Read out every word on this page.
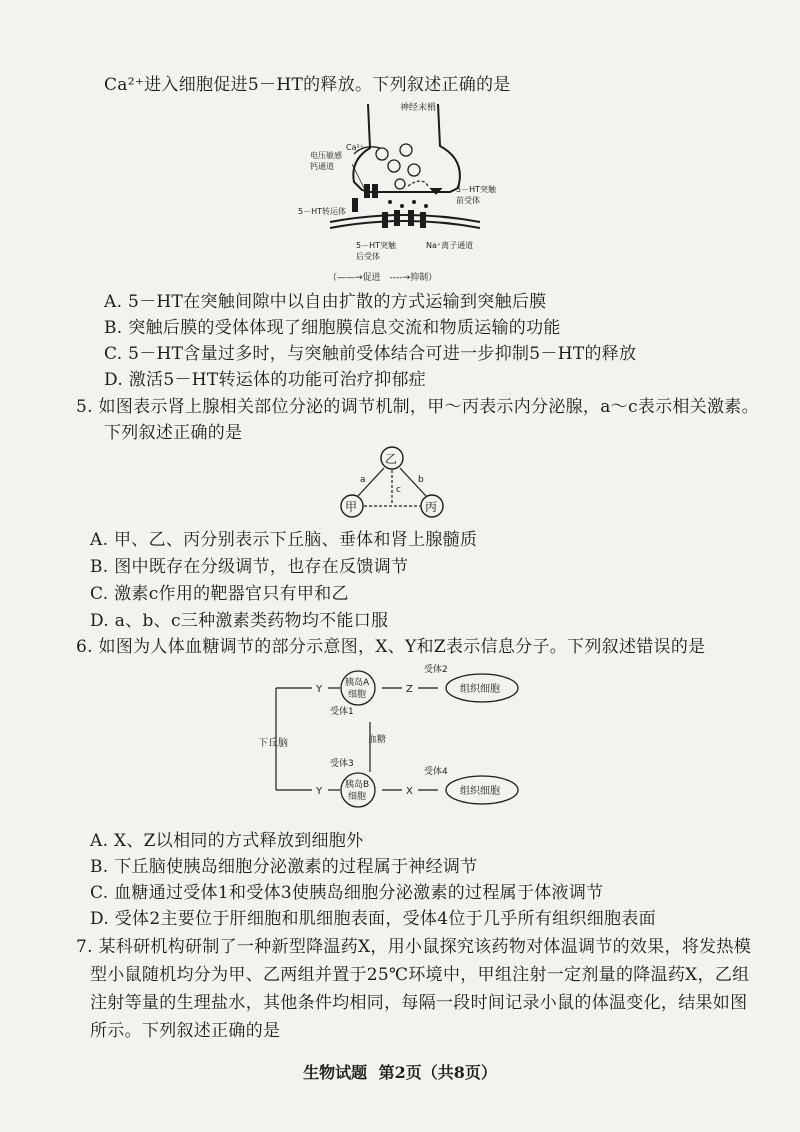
Ca²⁺进入细胞促进5－HT的释放。下列叙述正确的是
神经末梢
Ca²⁺
电压敏感
钙通道
5－HT突触
前受体
5－HT转运体
5－HT突触
后受体
Na⁺离子通道
（——→促进　----→抑制）
A. 5－HT在突触间隙中以自由扩散的方式运输到突触后膜
B. 突触后膜的受体体现了细胞膜信息交流和物质运输的功能
C. 5－HT含量过多时，与突触前受体结合可进一步抑制5－HT的释放
D. 激活5－HT转运体的功能可治疗抑郁症
5. 如图表示肾上腺相关部位分泌的调节机制，甲～丙表示内分泌腺，a～c表示相关激素。
下列叙述正确的是
乙
甲	丙
a	b
c
A. 甲、乙、丙分别表示下丘脑、垂体和肾上腺髓质
B. 图中既存在分级调节，也存在反馈调节
C. 激素c作用的靶器官只有甲和乙
D. a、b、c三种激素类药物均不能口服
6. 如图为人体血糖调节的部分示意图，X、Y和Z表示信息分子。下列叙述错误的是
下丘脑
Y
Y
胰岛A
细胞
胰岛B
细胞
受体1
受体3
血糖
Z
X
受体2
受体4
组织细胞
组织细胞
A. X、Z以相同的方式释放到细胞外
B. 下丘脑使胰岛细胞分泌激素的过程属于神经调节
C. 血糖通过受体1和受体3使胰岛细胞分泌激素的过程属于体液调节
D. 受体2主要位于肝细胞和肌细胞表面，受体4位于几乎所有组织细胞表面
7. 某科研机构研制了一种新型降温药X，用小鼠探究该药物对体温调节的效果，将发热模
型小鼠随机均分为甲、乙两组并置于25℃环境中，甲组注射一定剂量的降温药X，乙组
注射等量的生理盐水，其他条件均相同，每隔一段时间记录小鼠的体温变化，结果如图
所示。下列叙述正确的是
生物试题 第2页（共8页）
